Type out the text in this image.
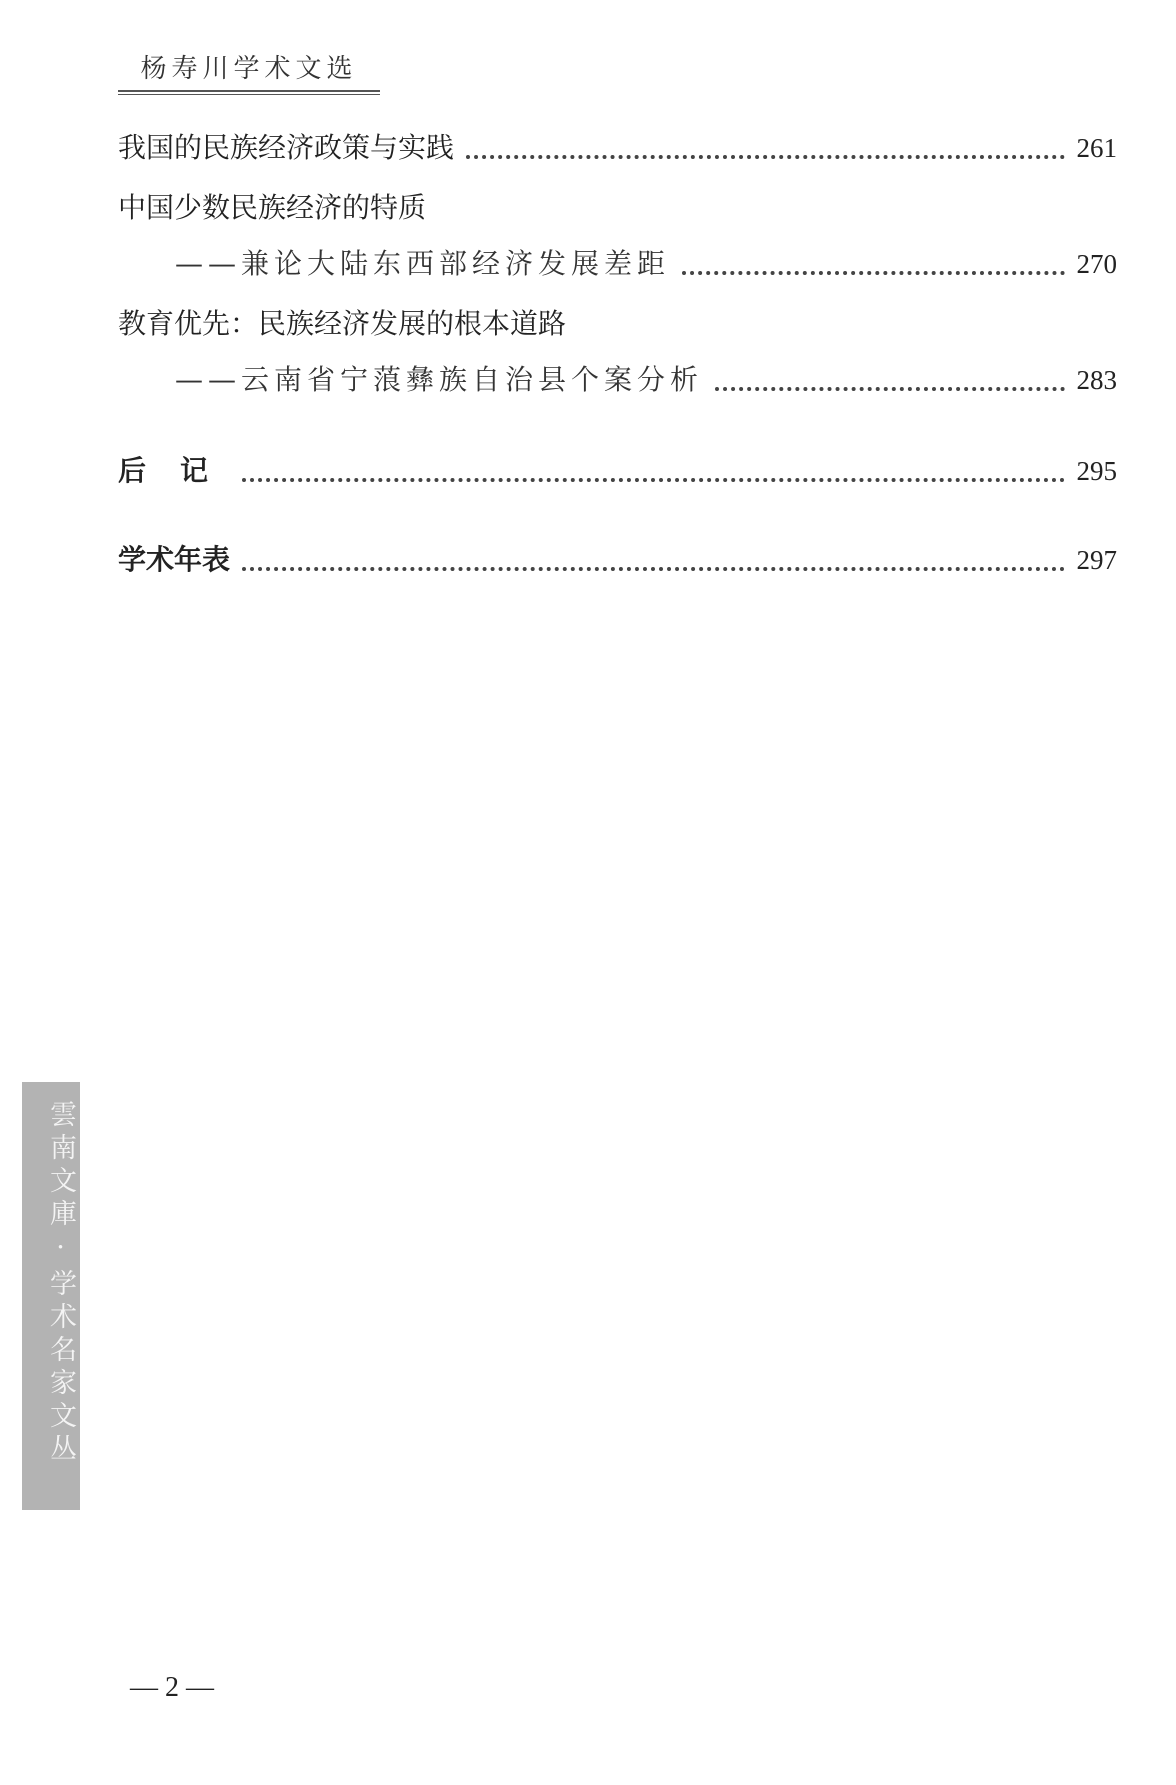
杨寿川学术文选
我国的民族经济政策与实践	261
中国少数民族经济的特质
——兼论大陆东西部经济发展差距	270
教育优先：民族经济发展的根本道路
——云南省宁蒗彝族自治县个案分析	283
后记	295
学术年表	297
雲南文庫·学术名家文丛
— 2 —
